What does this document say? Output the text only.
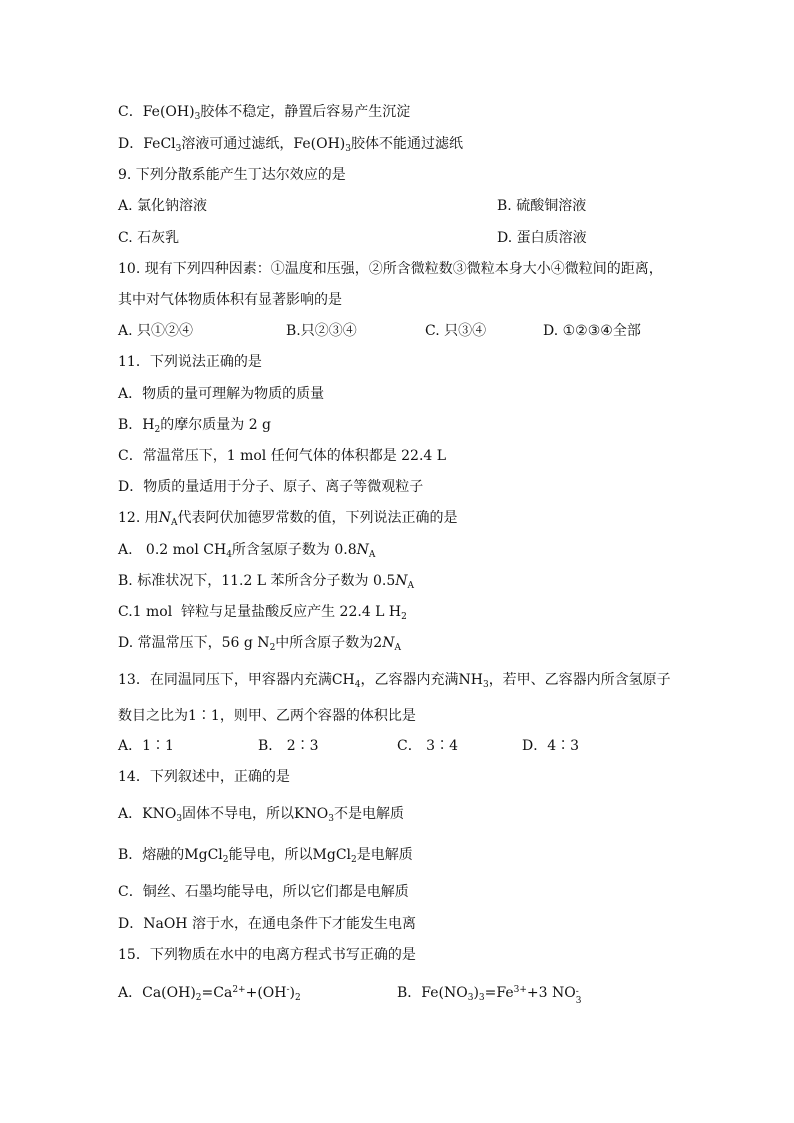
C．$Fe(OH)_3$胶体不稳定，静置后容易产生沉淀
D．FeCl$_3$溶液可通过滤纸，$Fe(OH)_3$胶体不能通过滤纸
9. 下列分散系能产生丁达尔效应的是
A. 氯化钠溶液	B. 硫酸铜溶液
C. 石灰乳	D. 蛋白质溶液
10. 现有下列四种因素：①温度和压强，②所含微粒数③微粒本身大小④微粒间的距离，
其中对气体物质体积有显著影响的是
A. 只①②④	B.只②③④	C. 只③④	D. ①②③④全部
11．下列说法正确的是
A．物质的量可理解为物质的质量
B．$H_2$的摩尔质量为 2 g
C．常温常压下，1 mol 任何气体的体积都是 22.4 L
D．物质的量适用于分子、原子、离子等微观粒子
12. 用$N_A$代表阿伏加德罗常数的值，下列说法正确的是
A.   0.2 mol $CH_4$所含氢原子数为 $0.8N_A$
B. 标准状况下，11.2 L 苯所含分子数为 $0.5N_A$
C.1 mol  锌粒与足量盐酸反应产生 22.4 L $H_2$
D. 常温常压下，56 g $N_2$中所含原子数为$2N_A$
13．在同温同压下，甲容器内充满$CH_4$，乙容器内充满$NH_3$，若甲、乙容器内所含氢原子
数目之比为1∶1，则甲、乙两个容器的体积比是
A．1∶1	B． 2∶3	C． 3∶4	D．4∶3
14．下列叙述中，正确的是
A．$KNO_3$固体不导电，所以$KNO_3$不是电解质
B．熔融的MgCl$_2$能导电，所以MgCl$_2$是电解质
C．铜丝、石墨均能导电，所以它们都是电解质
D．NaOH 溶于水，在通电条件下才能发生电离
15．下列物质在水中的电离方程式书写正确的是
A．$Ca(OH)_2=Ca^{2+}+(OH^-)_2$	B．$Fe(NO_3)_3=Fe^{3+}+3$ NO 3
-
